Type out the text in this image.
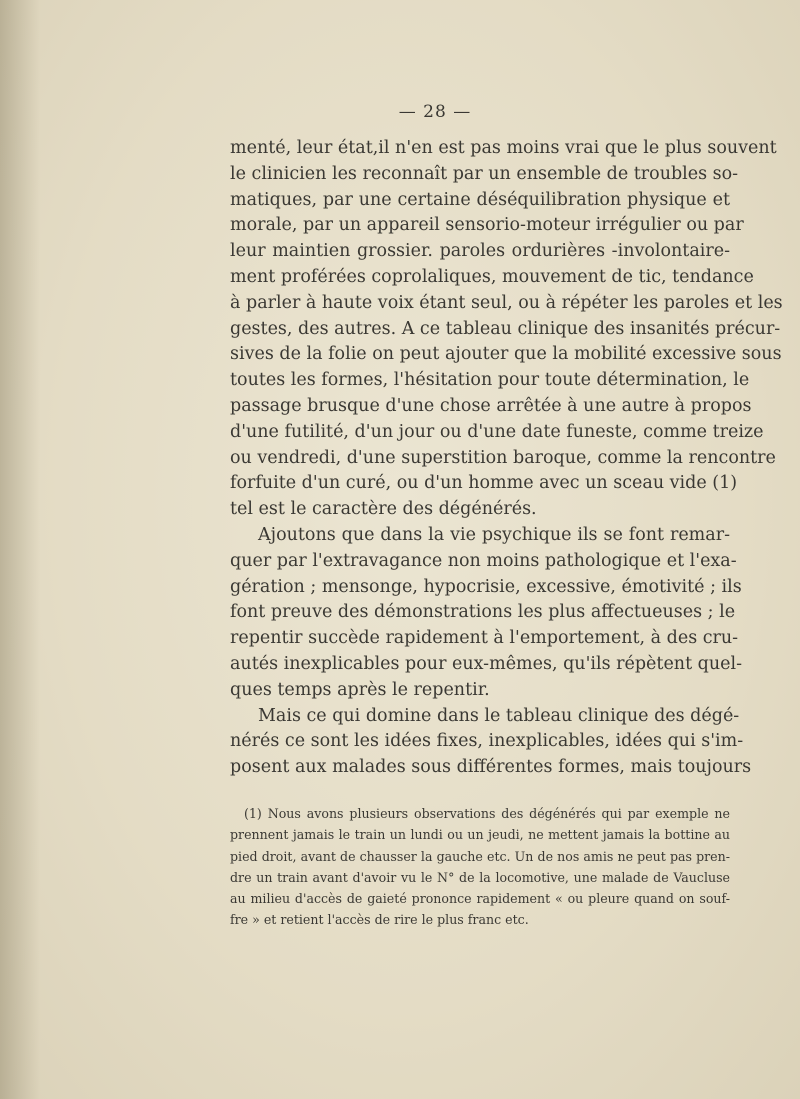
— 28 —
menté, leur état,il n'en est pas moins vrai que le plus souvent
le clinicien les reconnaît par un ensemble de troubles so-
matiques, par une certaine déséquilibration physique et
morale, par un appareil sensorio-moteur irrégulier ou par
leur maintien grossier. paroles ordurières -involontaire-
ment proférées coprolaliques, mouvement de tic, tendance
à parler à haute voix étant seul, ou à répéter les paroles et les
gestes, des autres. A ce tableau clinique des insanités précur-
sives de la folie on peut ajouter que la mobilité excessive sous
toutes les formes, l'hésitation pour toute détermination, le
passage brusque d'une chose arrêtée à une autre à propos
d'une futilité, d'un jour ou d'une date funeste, comme treize
ou vendredi, d'une superstition baroque, comme la rencontre
forfuite d'un curé, ou d'un homme avec un sceau vide (1)
tel est le caractère des dégénérés.
Ajoutons que dans la vie psychique ils se font remar-
quer par l'extravagance non moins pathologique et l'exa-
gération ; mensonge, hypocrisie, excessive, émotivité ; ils
font preuve des démonstrations les plus affectueuses ; le
repentir succède rapidement à l'emportement, à des cru-
autés inexplicables pour eux-mêmes, qu'ils répètent quel-
ques temps après le repentir.
Mais ce qui domine dans le tableau clinique des dégé-
nérés ce sont les idées fixes, inexplicables, idées qui s'im-
posent aux malades sous différentes formes, mais toujours
(1) Nous avons plusieurs observations des dégénérés qui par exemple ne
prennent jamais le train un lundi ou un jeudi, ne mettent jamais la bottine au
pied droit, avant de chausser la gauche etc. Un de nos amis ne peut pas pren-
dre un train avant d'avoir vu le N° de la locomotive, une malade de Vaucluse
au milieu d'accès de gaieté prononce rapidement « ou pleure quand on souf-
fre » et retient l'accès de rire le plus franc etc.
